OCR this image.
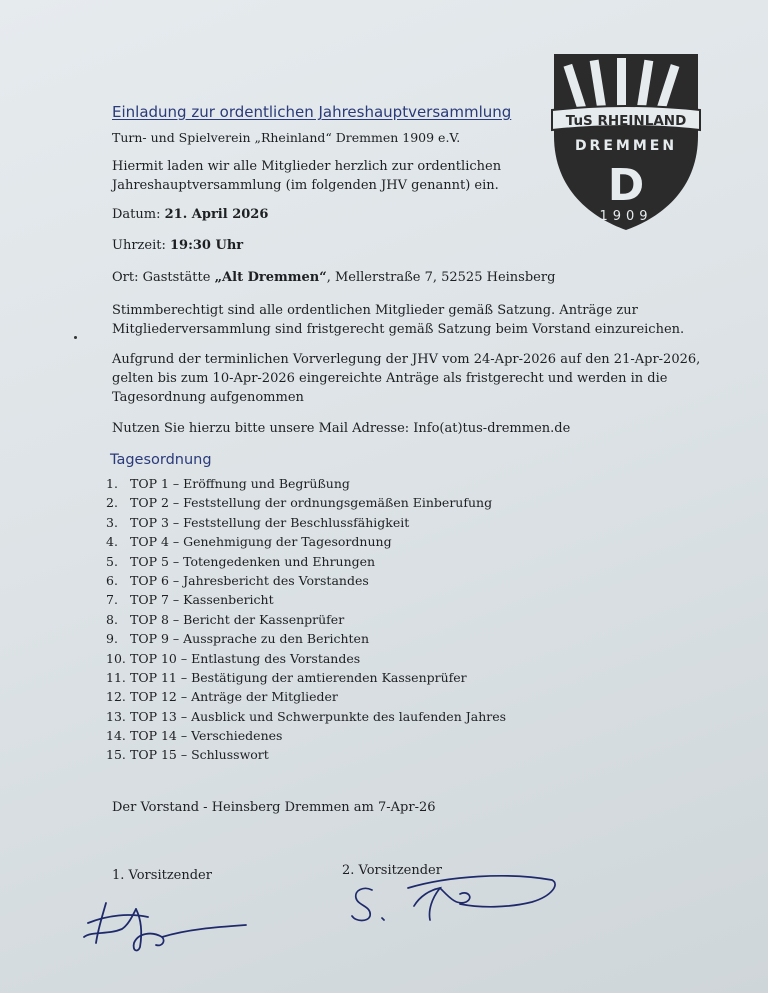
Einladung zur ordentlichen Jahreshauptversammlung
Turn- und Spielverein „Rheinland“ Dremmen 1909 e.V.
TuS RHEINLAND
DREMMEN
D
1909
Hiermit laden wir alle Mitglieder herzlich zur ordentlichen
Jahreshauptversammlung (im folgenden JHV genannt) ein.
Datum: 21. April 2026
Uhrzeit: 19:30 Uhr
Ort: Gaststätte „Alt Dremmen“, Mellerstraße 7, 52525 Heinsberg
Stimmberechtigt sind alle ordentlichen Mitglieder gemäß Satzung. Anträge zur
Mitgliederversammlung sind fristgerecht gemäß Satzung beim Vorstand einzureichen.
Aufgrund der terminlichen Vorverlegung der JHV vom 24-Apr-2026 auf den 21-Apr-2026,
gelten bis zum 10-Apr-2026 eingereichte Anträge als fristgerecht und werden in die
Tagesordnung aufgenommen
Nutzen Sie hierzu bitte unsere Mail Adresse: Info(at)tus-dremmen.de
Tagesordnung
1. TOP 1 – Eröffnung und Begrüßung
2. TOP 2 – Feststellung der ordnungsgemäßen Einberufung
3. TOP 3 – Feststellung der Beschlussfähigkeit
4. TOP 4 – Genehmigung der Tagesordnung
5. TOP 5 – Totengedenken und Ehrungen
6. TOP 6 – Jahresbericht des Vorstandes
7. TOP 7 – Kassenbericht
8. TOP 8 – Bericht der Kassenprüfer
9. TOP 9 – Aussprache zu den Berichten
10. TOP 10 – Entlastung des Vorstandes
11. TOP 11 – Bestätigung der amtierenden Kassenprüfer
12. TOP 12 – Anträge der Mitglieder
13. TOP 13 – Ausblick und Schwerpunkte des laufenden Jahres
14. TOP 14 – Verschiedenes
15. TOP 15 – Schlusswort
Der Vorstand - Heinsberg Dremmen am 7-Apr-26
1. Vorsitzender	2. Vorsitzender
